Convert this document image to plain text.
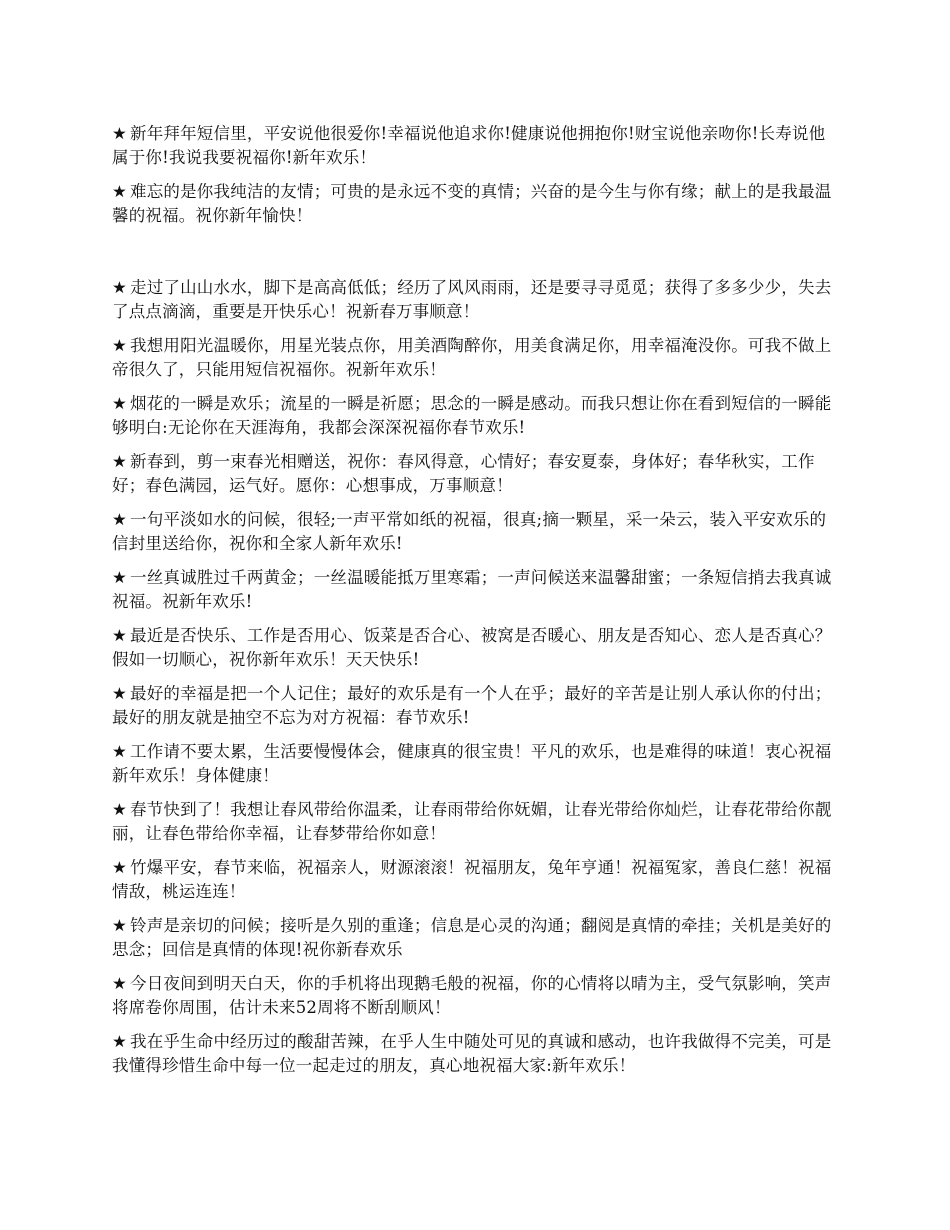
★ 新年拜年短信里，平安说他很爱你!幸福说他追求你!健康说他拥抱你!财宝说他亲吻你!长寿说他属于你!我说我要祝福你!新年欢乐！

★ 难忘的是你我纯洁的友情；可贵的是永远不变的真情；兴奋的是今生与你有缘；献上的是我最温馨的祝福。祝你新年愉快！

★ 走过了山山水水，脚下是高高低低；经历了风风雨雨，还是要寻寻觅觅；获得了多多少少，失去了点点滴滴，重要是开快乐心！祝新春万事顺意！

★ 我想用阳光温暖你，用星光装点你，用美酒陶醉你，用美食满足你，用幸福淹没你。可我不做上帝很久了，只能用短信祝福你。祝新年欢乐！

★ 烟花的一瞬是欢乐；流星的一瞬是祈愿；思念的一瞬是感动。而我只想让你在看到短信的一瞬能够明白:无论你在天涯海角，我都会深深祝福你春节欢乐!

★ 新春到，剪一束春光相赠送，祝你：春风得意，心情好；春安夏泰，身体好；春华秋实，工作好；春色满园，运气好。愿你：心想事成，万事顺意！

★ 一句平淡如水的问候，很轻;一声平常如纸的祝福，很真;摘一颗星，采一朵云，装入平安欢乐的信封里送给你，祝你和全家人新年欢乐!

★ 一丝真诚胜过千两黄金；一丝温暖能抵万里寒霜；一声问候送来温馨甜蜜；一条短信捎去我真诚祝福。祝新年欢乐!

★ 最近是否快乐、工作是否用心、饭菜是否合心、被窝是否暖心、朋友是否知心、恋人是否真心？假如一切顺心，祝你新年欢乐！天天快乐!

★ 最好的幸福是把一个人记住；最好的欢乐是有一个人在乎；最好的辛苦是让别人承认你的付出；最好的朋友就是抽空不忘为对方祝福：春节欢乐!

★ 工作请不要太累，生活要慢慢体会，健康真的很宝贵！平凡的欢乐，也是难得的味道！衷心祝福新年欢乐！身体健康！

★ 春节快到了！我想让春风带给你温柔，让春雨带给你妩媚，让春光带给你灿烂，让春花带给你靓丽，让春色带给你幸福，让春梦带给你如意！

★ 竹爆平安，春节来临，祝福亲人，财源滚滚！祝福朋友，兔年亨通！祝福冤家，善良仁慈！祝福情敌，桃运连连！

★ 铃声是亲切的问候；接听是久别的重逢；信息是心灵的沟通；翻阅是真情的牵挂；关机是美好的思念；回信是真情的体现!祝你新春欢乐

★ 今日夜间到明天白天，你的手机将出现鹅毛般的祝福，你的心情将以晴为主，受气氛影响，笑声将席卷你周围，估计未来52周将不断刮顺风！

★ 我在乎生命中经历过的酸甜苦辣，在乎人生中随处可见的真诚和感动，也许我做得不完美，可是我懂得珍惜生命中每一位一起走过的朋友，真心地祝福大家:新年欢乐！
